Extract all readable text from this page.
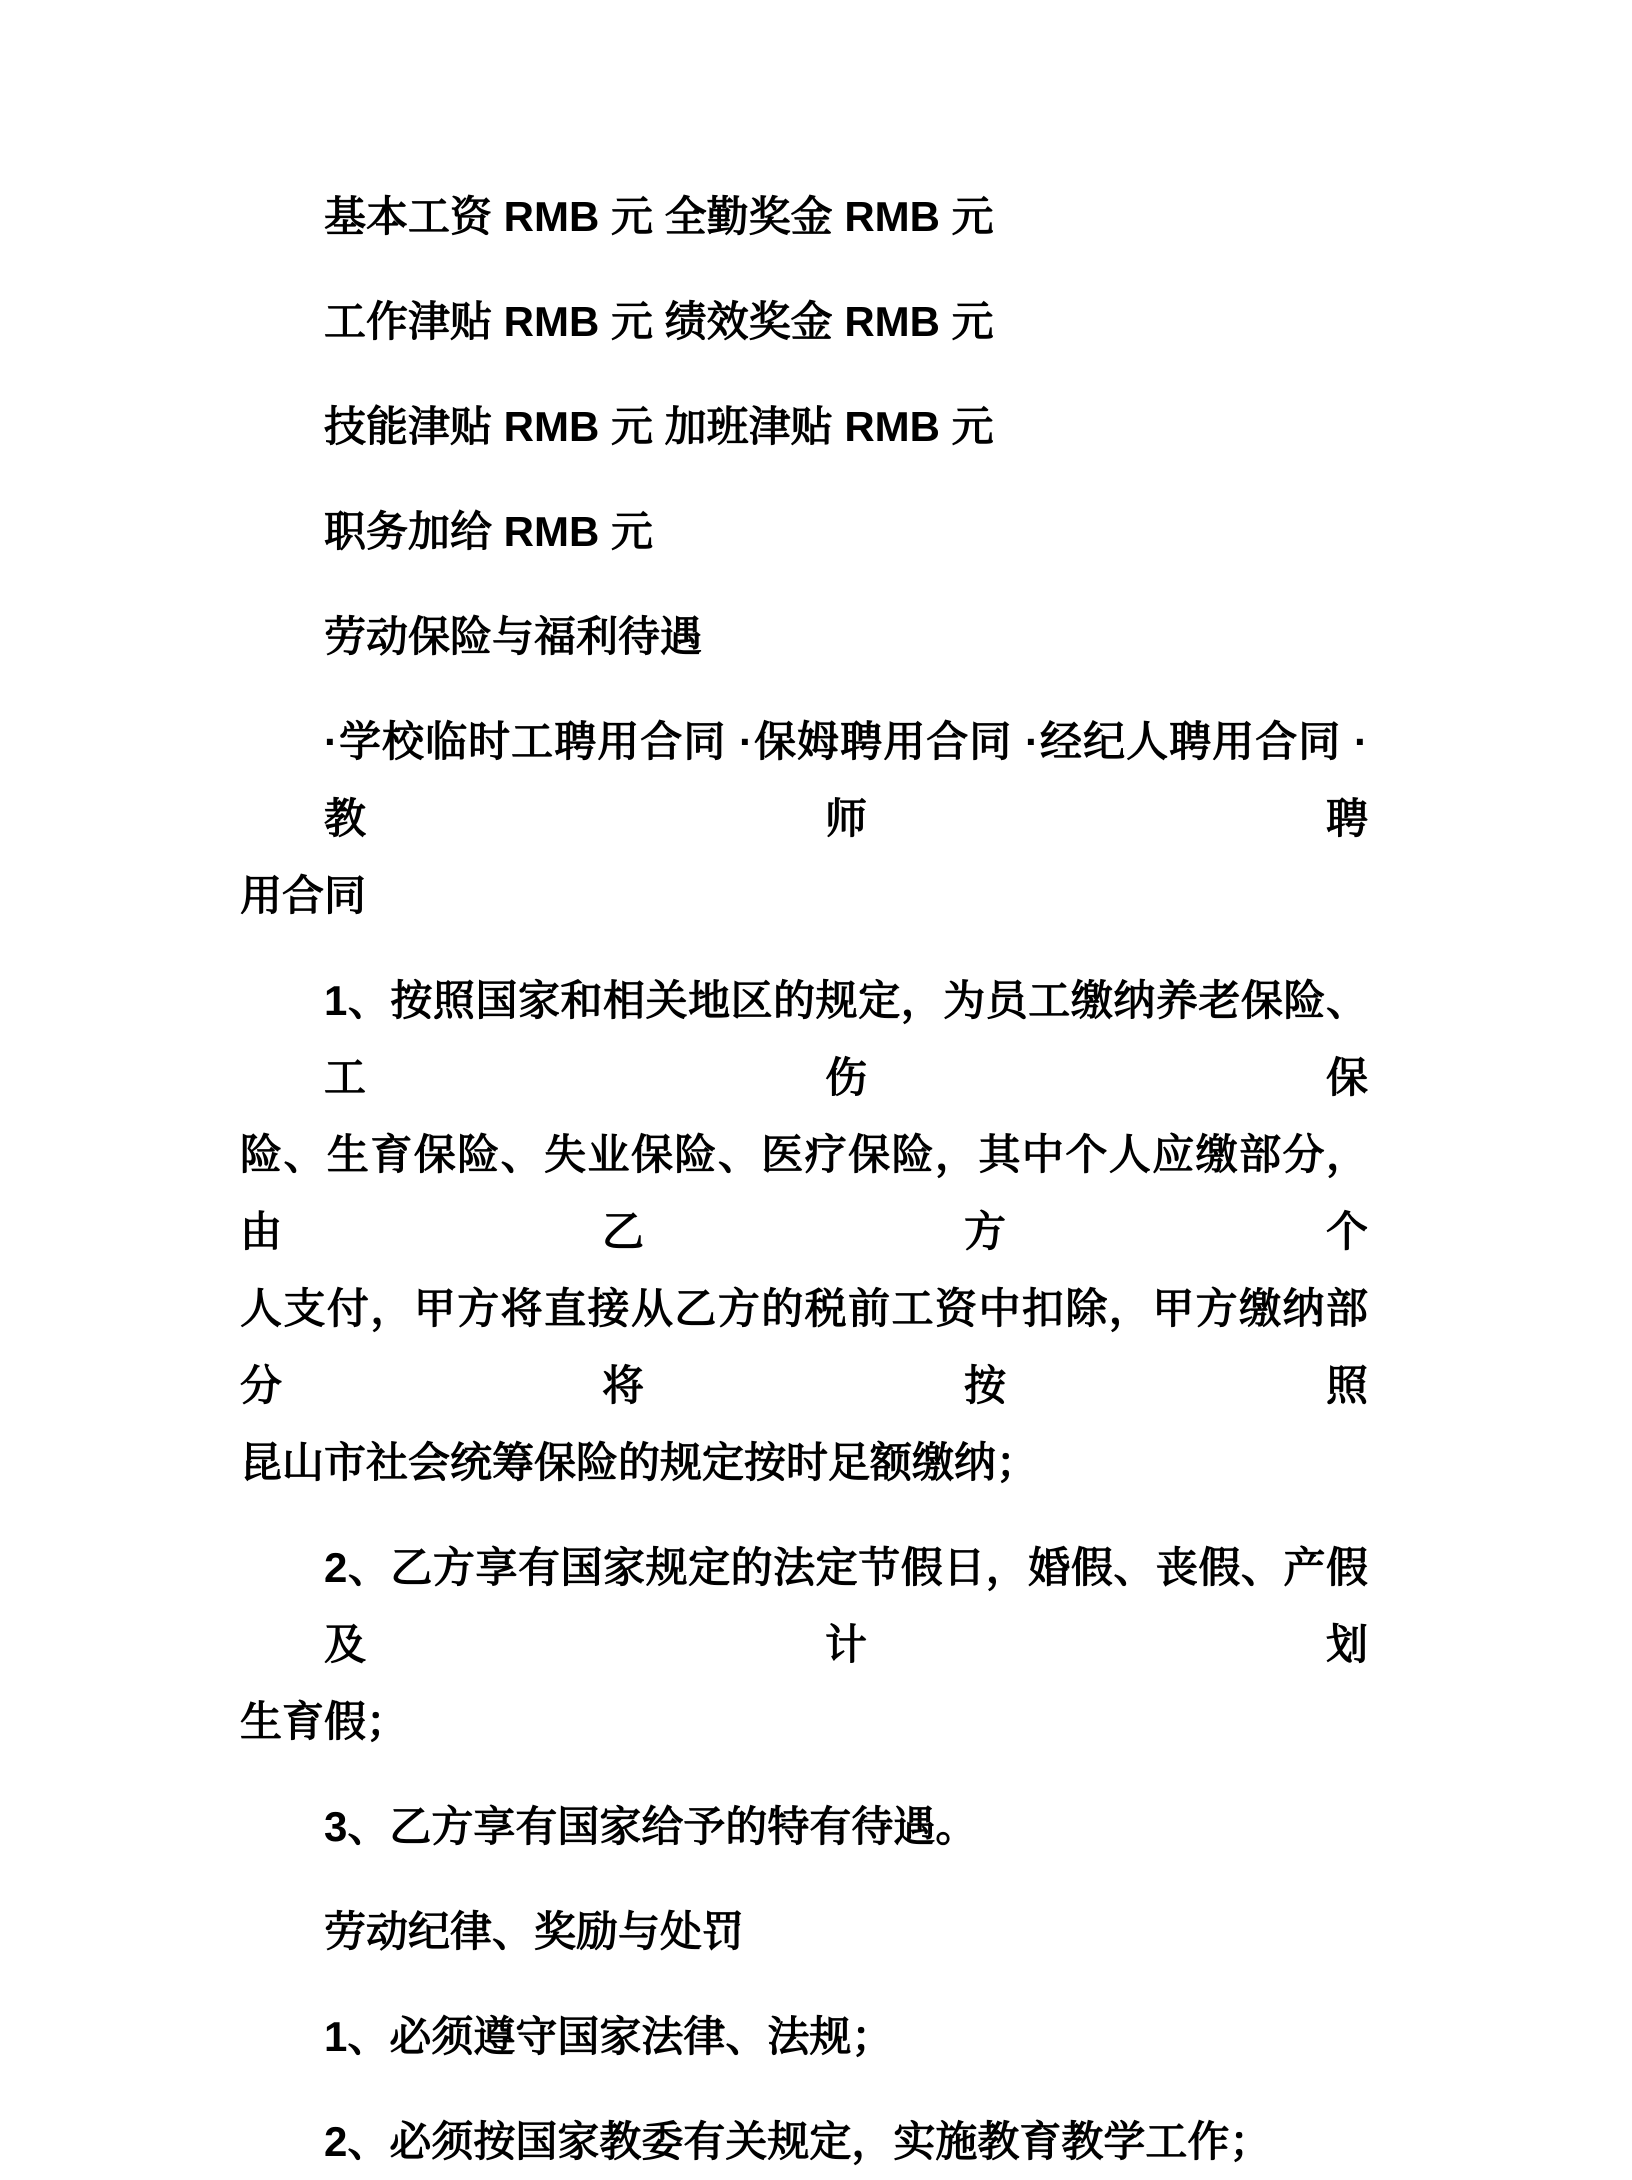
基本工资 RMB 元 全勤奖金 RMB 元
工作津贴 RMB 元 绩效奖金 RMB 元
技能津贴 RMB 元 加班津贴 RMB 元
职务加给 RMB 元
劳动保险与福利待遇
·学校临时工聘用合同 ·保姆聘用合同 ·经纪人聘用合同 ·教师聘
用合同
1、按照国家和相关地区的规定，为员工缴纳养老保险、工伤保
险、生育保险、失业保险、医疗保险，其中个人应缴部分，由乙方个
人支付，甲方将直接从乙方的税前工资中扣除，甲方缴纳部分将按照
昆山市社会统筹保险的规定按时足额缴纳；
2、乙方享有国家规定的法定节假日，婚假、丧假、产假及计划
生育假；
3、乙方享有国家给予的特有待遇。
劳动纪律、奖励与处罚
1、必须遵守国家法律、法规；
2、必须按国家教委有关规定，实施教育教学工作；
